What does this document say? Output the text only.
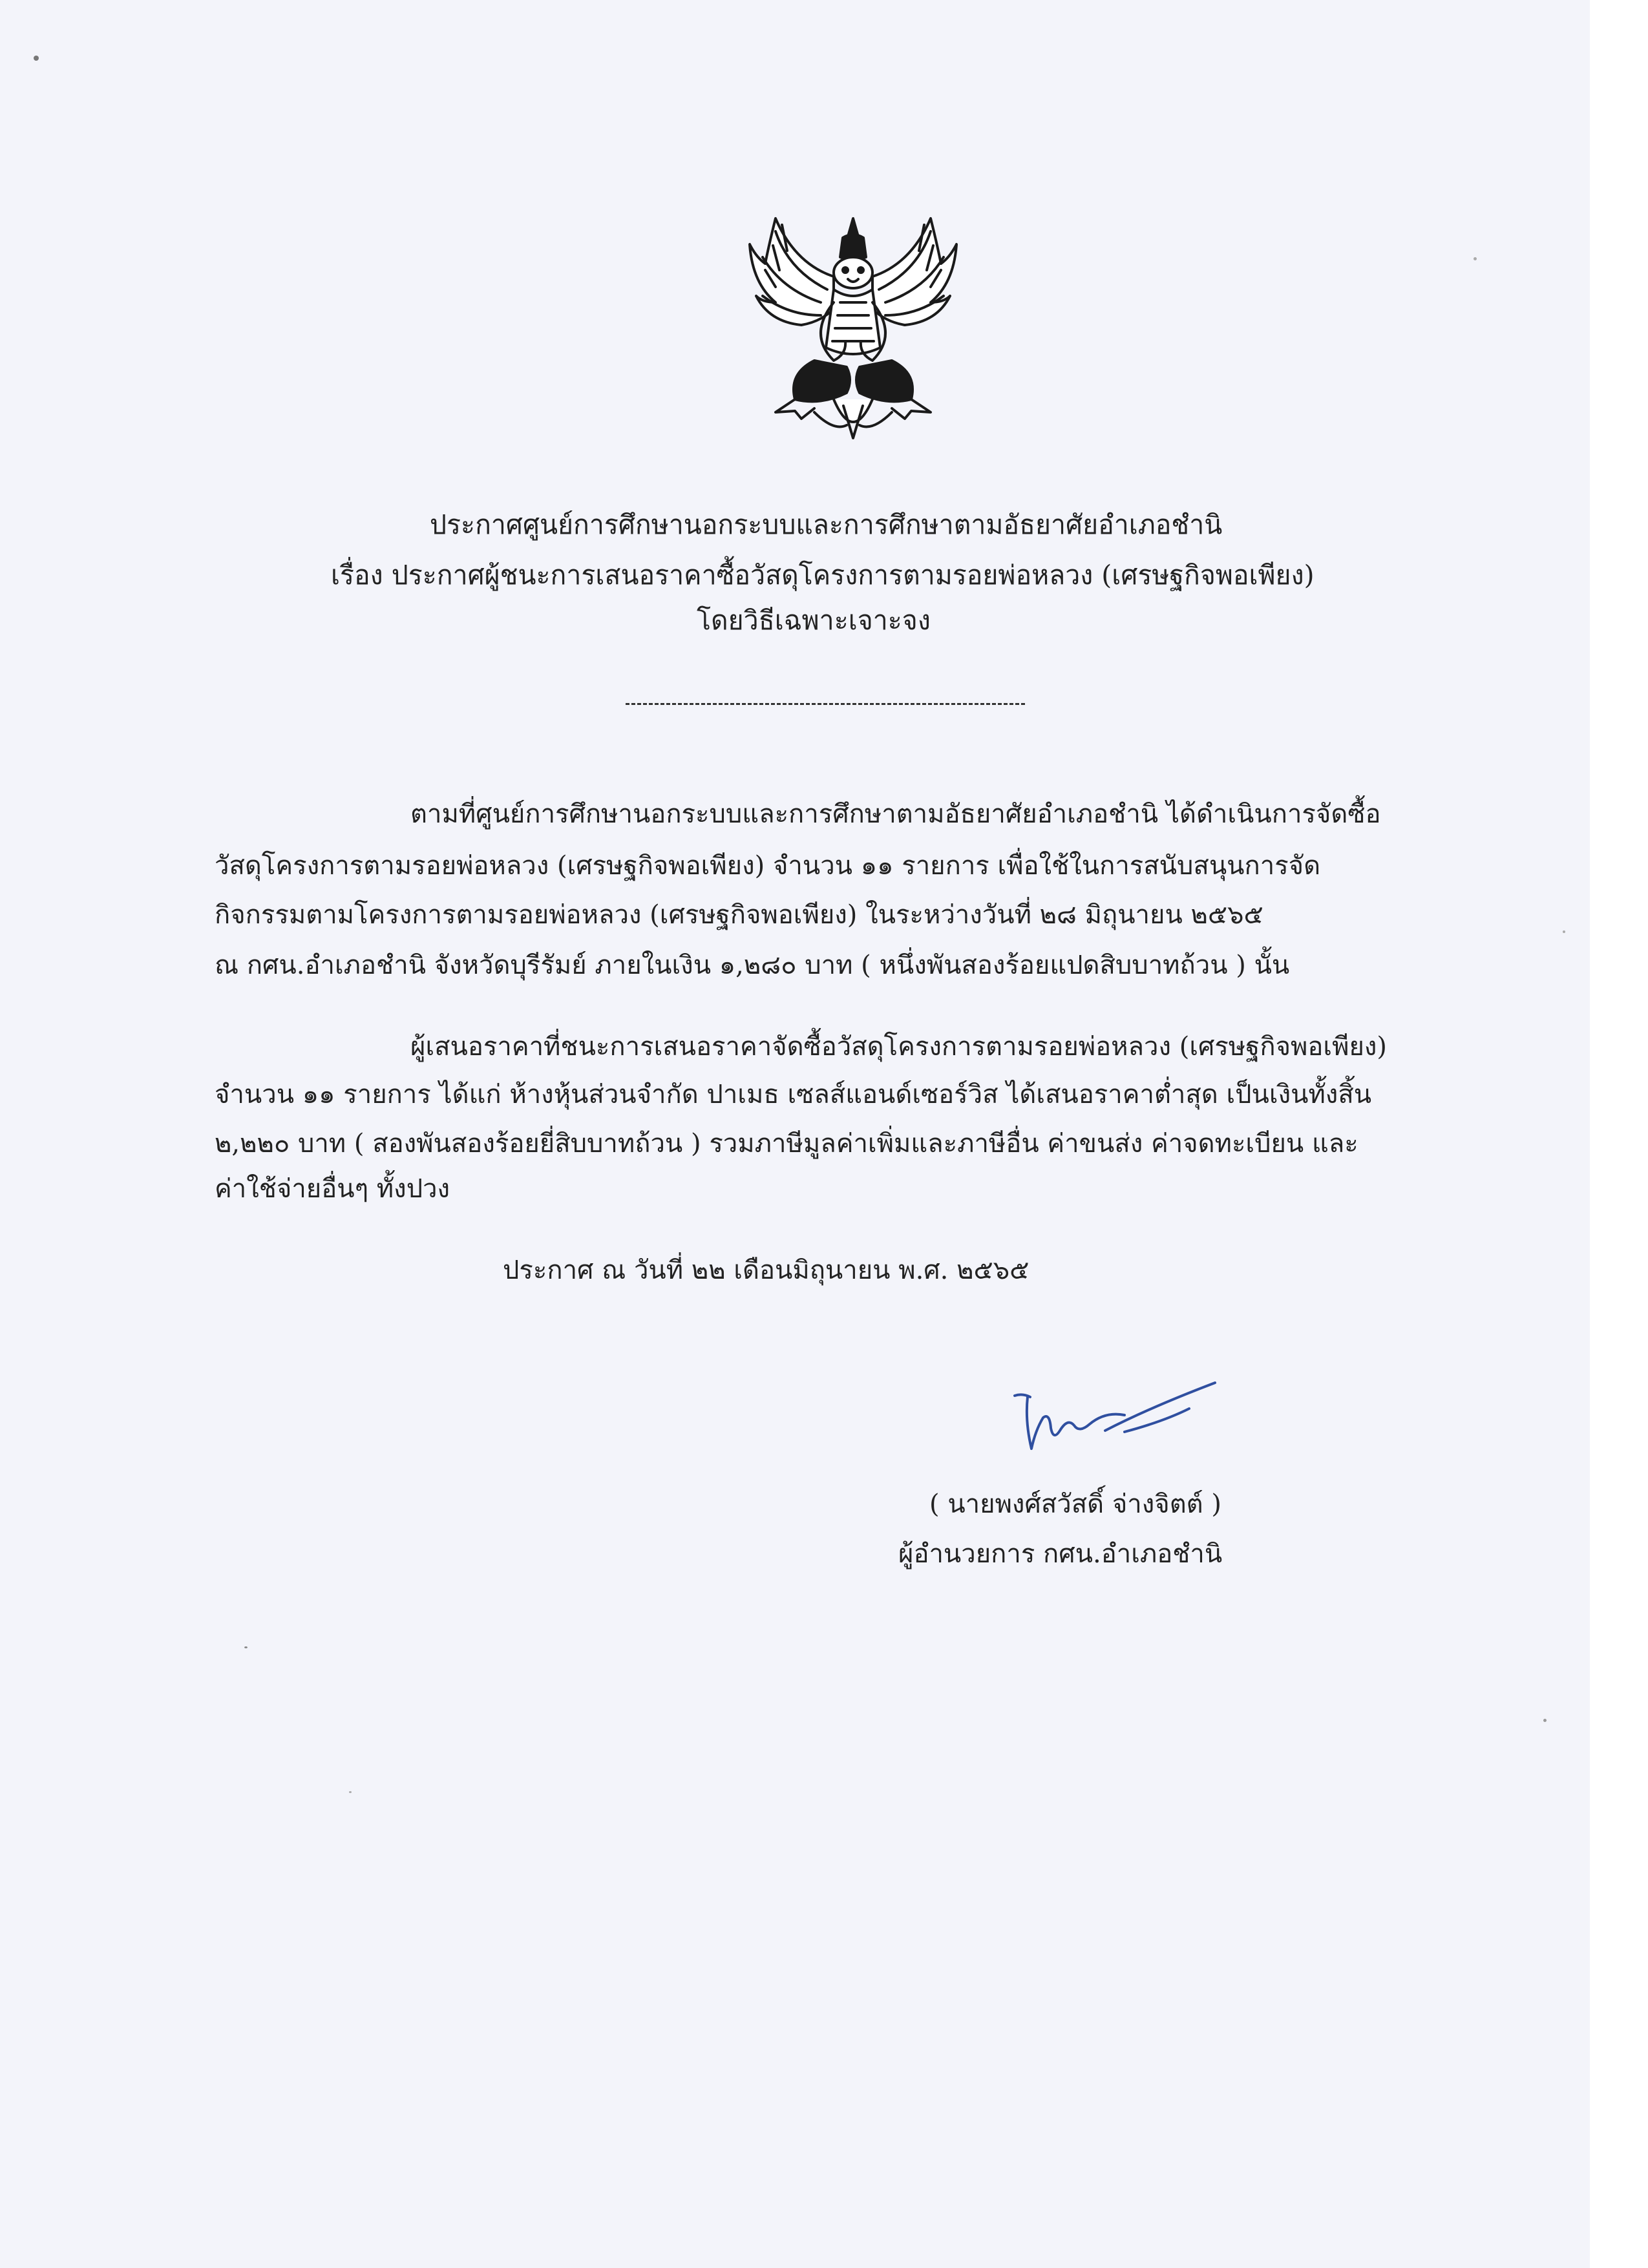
ประกาศศูนย์การศึกษานอกระบบและการศึกษาตามอัธยาศัยอำเภอชำนิ
เรื่อง ประกาศผู้ชนะการเสนอราคาซื้อวัสดุโครงการตามรอยพ่อหลวง (เศรษฐกิจพอเพียง)
โดยวิธีเฉพาะเจาะจง
ตามที่ศูนย์การศึกษานอกระบบและการศึกษาตามอัธยาศัยอำเภอชำนิ ได้ดำเนินการจัดซื้อ
วัสดุโครงการตามรอยพ่อหลวง (เศรษฐกิจพอเพียง) จำนวน ๑๑ รายการ เพื่อใช้ในการสนับสนุนการจัด
กิจกรรมตามโครงการตามรอยพ่อหลวง (เศรษฐกิจพอเพียง) ในระหว่างวันที่ ๒๘ มิถุนายน ๒๕๖๕
ณ กศน.อำเภอชำนิ จังหวัดบุรีรัมย์ ภายในเงิน ๑,๒๘๐ บาท ( หนึ่งพันสองร้อยแปดสิบบาทถ้วน ) นั้น
ผู้เสนอราคาที่ชนะการเสนอราคาจัดซื้อวัสดุโครงการตามรอยพ่อหลวง (เศรษฐกิจพอเพียง)
จำนวน ๑๑ รายการ ได้แก่ ห้างหุ้นส่วนจำกัด ปาเมธ เซลส์แอนด์เซอร์วิส ได้เสนอราคาต่ำสุด เป็นเงินทั้งสิ้น
๒,๒๒๐ บาท ( สองพันสองร้อยยี่สิบบาทถ้วน ) รวมภาษีมูลค่าเพิ่มและภาษีอื่น ค่าขนส่ง ค่าจดทะเบียน และ
ค่าใช้จ่ายอื่นๆ ทั้งปวง
ประกาศ ณ วันที่ ๒๒ เดือนมิถุนายน พ.ศ. ๒๕๖๕
( นายพงศ์สวัสดิ์ จ่างจิตต์ )
ผู้อำนวยการ กศน.อำเภอชำนิ
